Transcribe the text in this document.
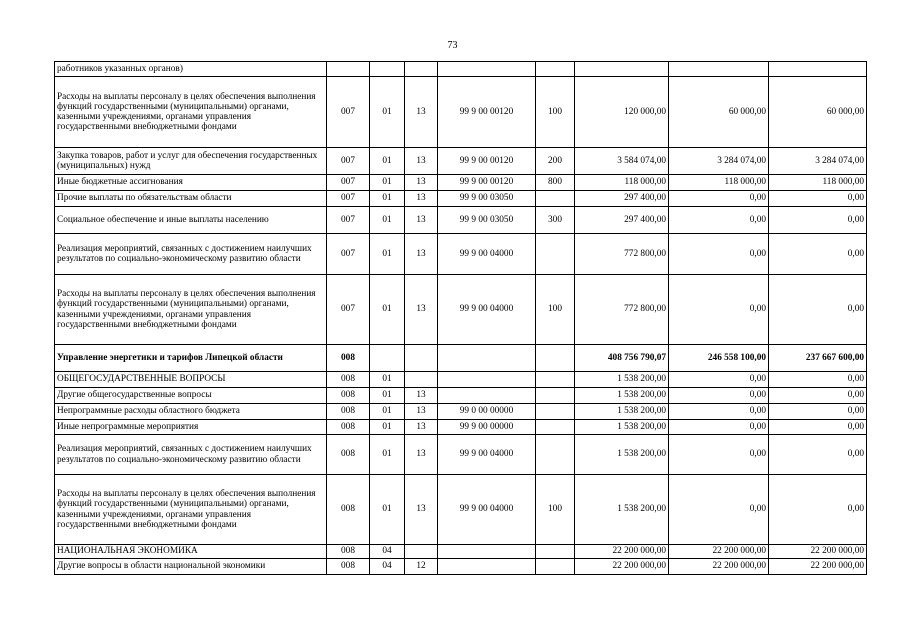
73
работников указанных органов)								
Расходы на выплаты персоналу в целях обеспечения выполнения функций государственными (муниципальными) органами, казенными учреждениями, органами управления государственными внебюджетными фондами	007	01	13	99 9 00 00120	100	120 000,00	60 000,00	60 000,00
Закупка товаров, работ и услуг для обеспечения государственных (муниципальных) нужд	007	01	13	99 9 00 00120	200	3 584 074,00	3 284 074,00	3 284 074,00
Иные бюджетные ассигнования	007	01	13	99 9 00 00120	800	118 000,00	118 000,00	118 000,00
Прочие выплаты по обязательствам области	007	01	13	99 9 00 03050		297 400,00	0,00	0,00
Социальное обеспечение и иные выплаты населению	007	01	13	99 9 00 03050	300	297 400,00	0,00	0,00
Реализация мероприятий, связанных с достижением наилучших результатов по социально-экономическому развитию области	007	01	13	99 9 00 04000		772 800,00	0,00	0,00
Расходы на выплаты персоналу в целях обеспечения выполнения функций государственными (муниципальными) органами, казенными учреждениями, органами управления государственными внебюджетными фондами	007	01	13	99 9 00 04000	100	772 800,00	0,00	0,00
Управление энергетики и тарифов Липецкой области	008					408 756 790,07	246 558 100,00	237 667 600,00
ОБЩЕГОСУДАРСТВЕННЫЕ ВОПРОСЫ	008	01				1 538 200,00	0,00	0,00
Другие общегосударственные вопросы	008	01	13			1 538 200,00	0,00	0,00
Непрограммные расходы областного бюджета	008	01	13	99 0 00 00000		1 538 200,00	0,00	0,00
Иные непрограммные мероприятия	008	01	13	99 9 00 00000		1 538 200,00	0,00	0,00
Реализация мероприятий, связанных с достижением наилучших результатов по социально-экономическому развитию области	008	01	13	99 9 00 04000		1 538 200,00	0,00	0,00
Расходы на выплаты персоналу в целях обеспечения выполнения функций государственными (муниципальными) органами, казенными учреждениями, органами управления государственными внебюджетными фондами	008	01	13	99 9 00 04000	100	1 538 200,00	0,00	0,00
НАЦИОНАЛЬНАЯ ЭКОНОМИКА	008	04				22 200 000,00	22 200 000,00	22 200 000,00
Другие вопросы в области национальной экономики	008	04	12			22 200 000,00	22 200 000,00	22 200 000,00
